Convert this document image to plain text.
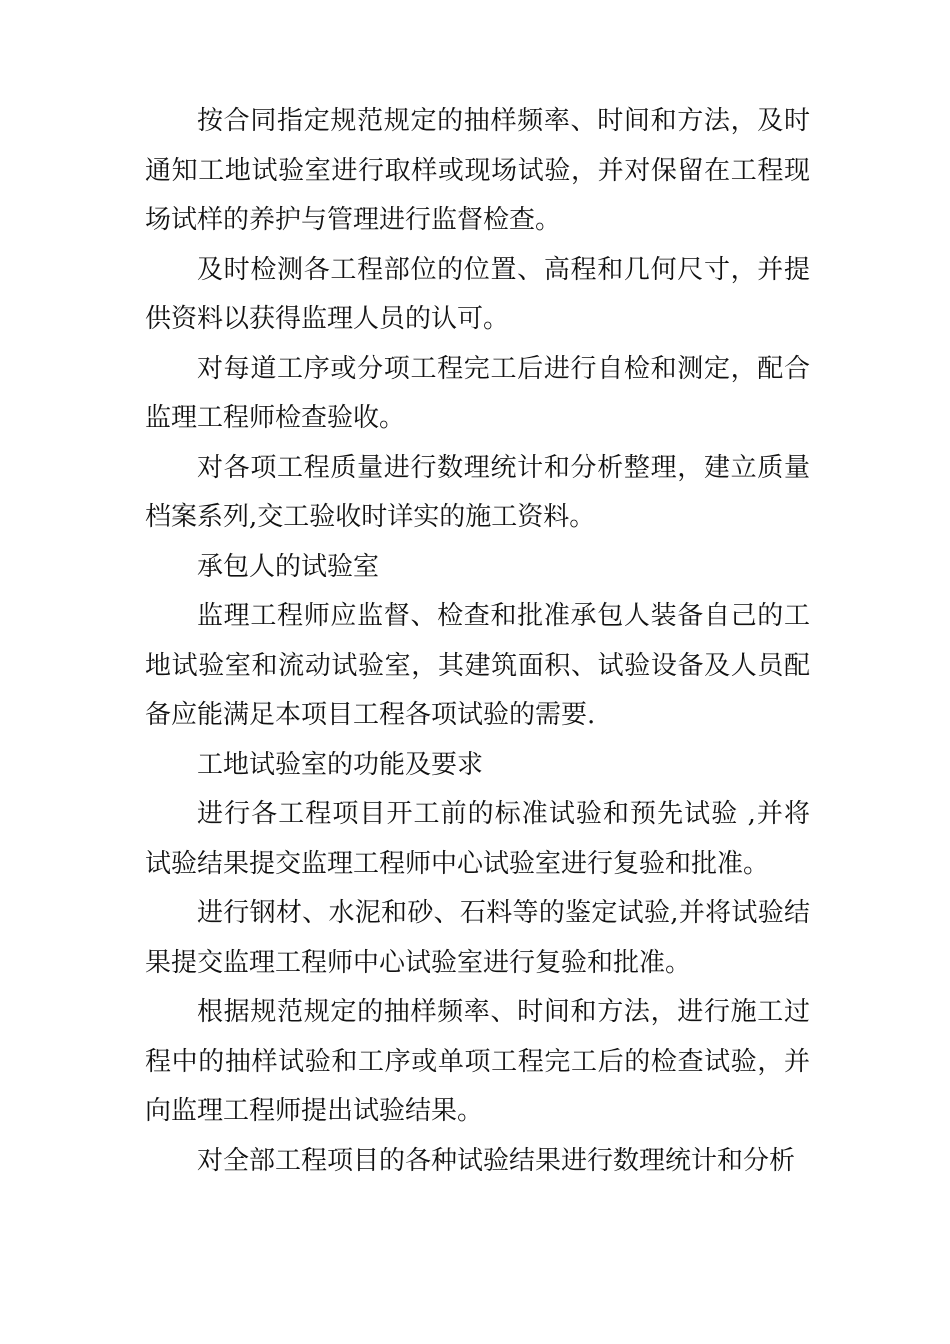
按合同指定规范规定的抽样频率、时间和方法，及时通知工地试验室进行取样或现场试验，并对保留在工程现场试样的养护与管理进行监督检查。

及时检测各工程部位的位置、高程和几何尺寸，并提供资料以获得监理人员的认可。

对每道工序或分项工程完工后进行自检和测定，配合监理工程师检查验收。

对各项工程质量进行数理统计和分析整理，建立质量档案系列,交工验收时详实的施工资料。

承包人的试验室

监理工程师应监督、检查和批准承包人装备自己的工地试验室和流动试验室，其建筑面积、试验设备及人员配备应能满足本项目工程各项试验的需要.

工地试验室的功能及要求

进行各工程项目开工前的标准试验和预先试验 ,并将试验结果提交监理工程师中心试验室进行复验和批准。

进行钢材、水泥和砂、石料等的鉴定试验,并将试验结果提交监理工程师中心试验室进行复验和批准。

根据规范规定的抽样频率、时间和方法，进行施工过程中的抽样试验和工序或单项工程完工后的检查试验，并向监理工程师提出试验结果。

对全部工程项目的各种试验结果进行数理统计和分析
